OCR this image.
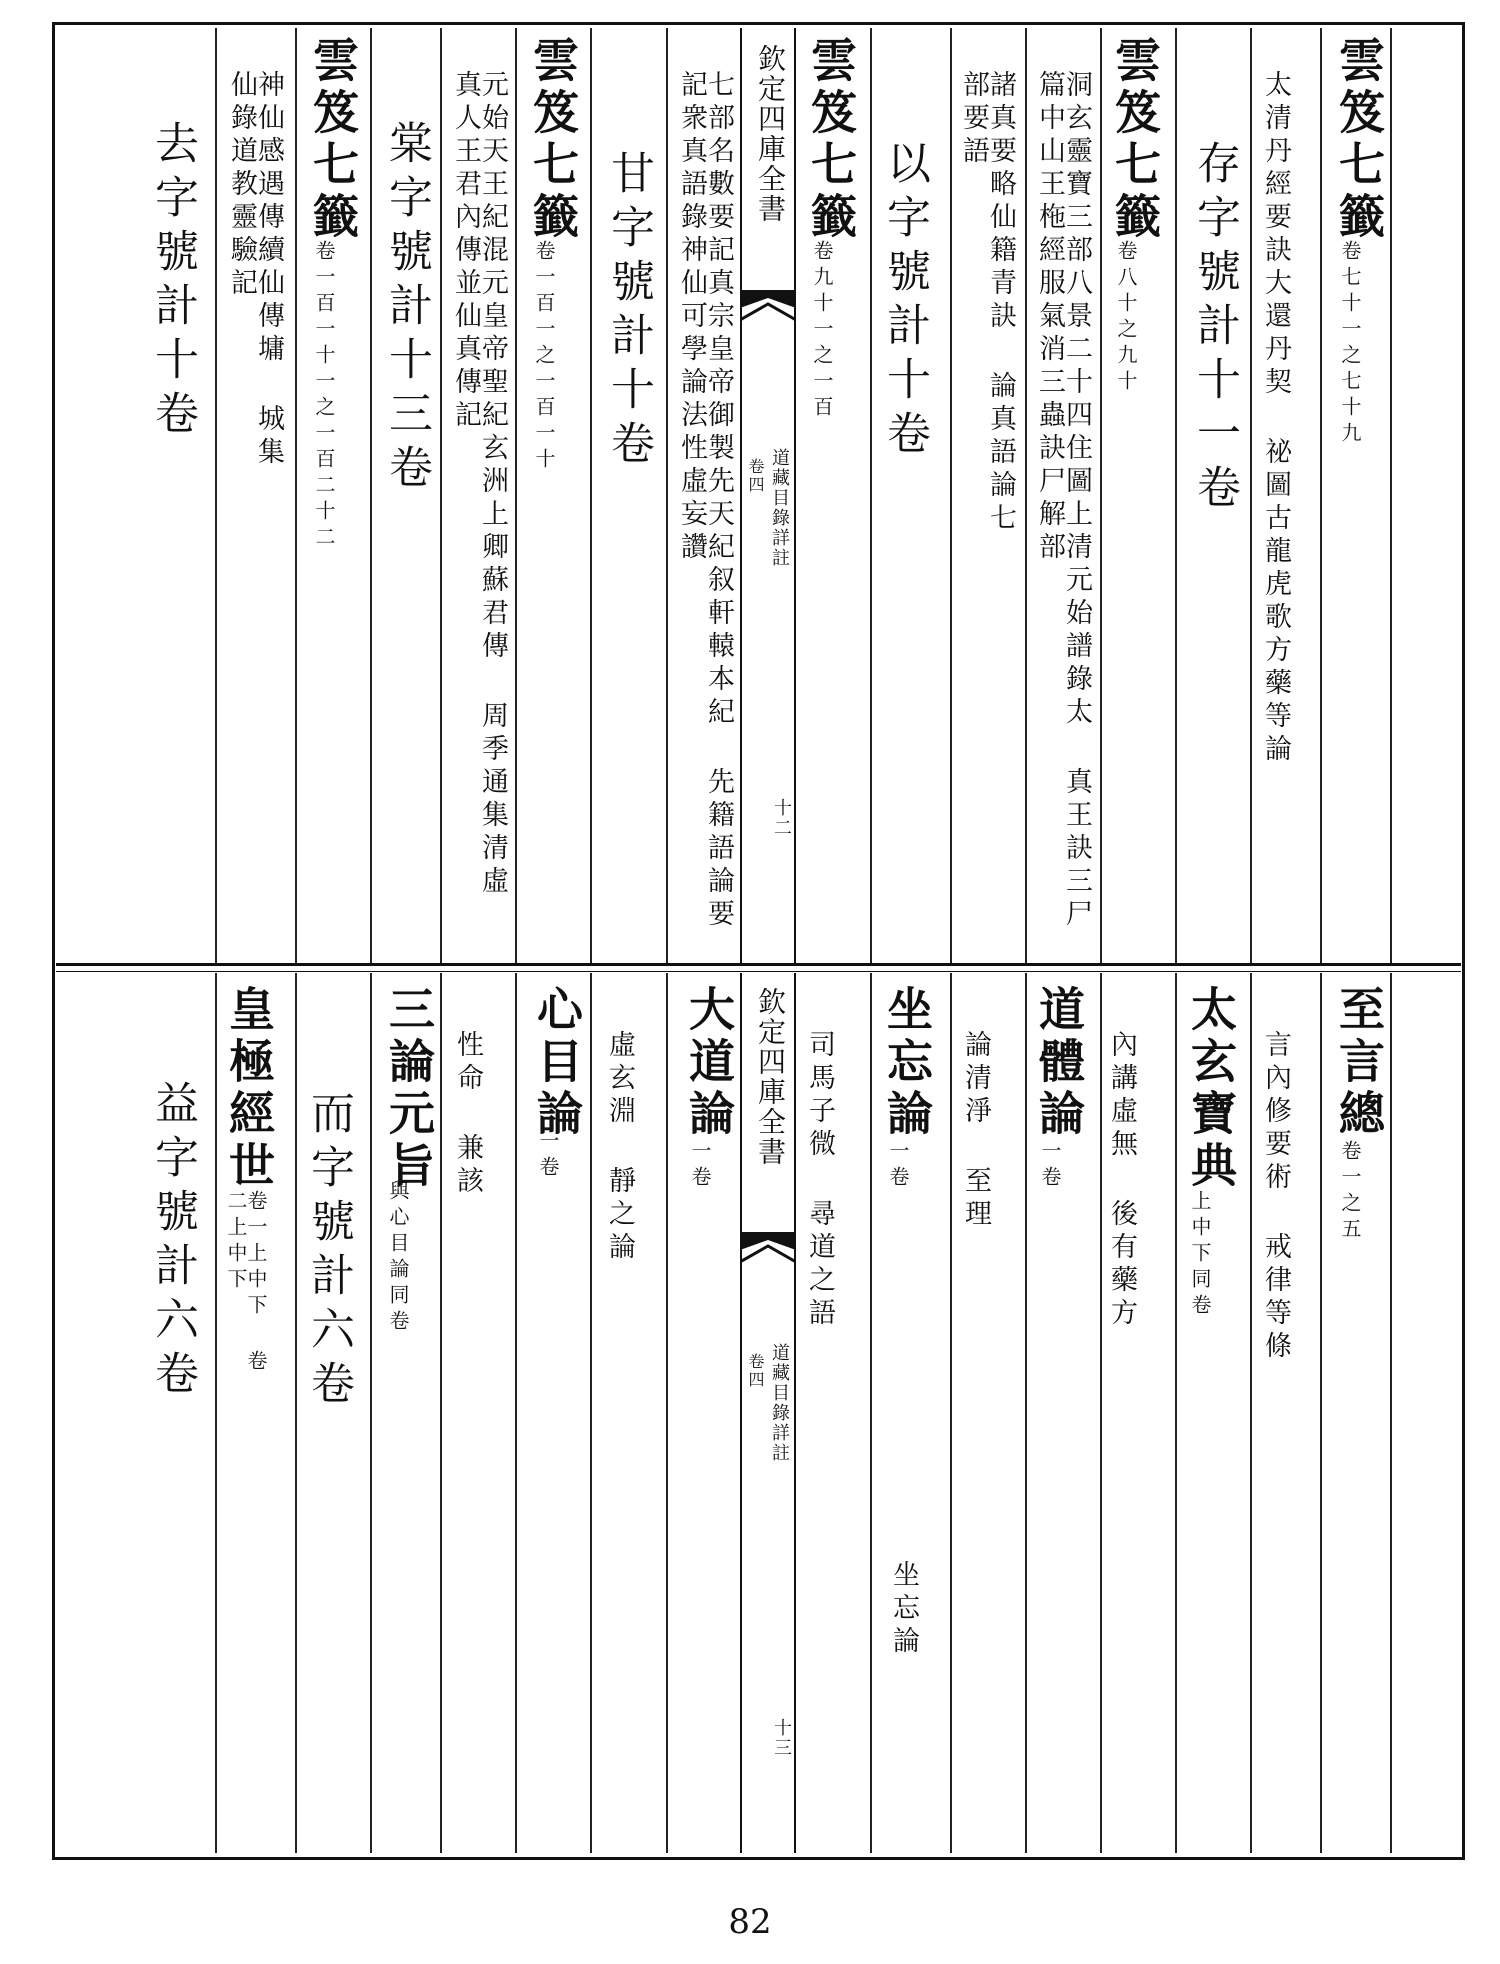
欽定四庫全書
道藏目錄詳註
卷四
十二
欽定四庫全書
道藏目錄詳註
卷四
十三
雲笈七籤
卷七十一之七十九
太清丹經要訣大還丹契 祕圖古龍虎歌方藥等論
存字號計十一卷
雲笈七籤
卷八十之九十
洞玄靈寶三部八景二十四住圖上清元始譜錄太 真王訣三尸篇中山王柂經服氣消三蟲訣尸解部
諸真要略仙籍青訣 論真語論七部要語
以字號計十卷
雲笈七籤
卷九十一之一百
七部名數要記真宗皇帝御製先天紀叙軒轅本紀 先籍語論要記衆真語錄神仙可學論法性虛妄讚
甘字號計十卷
雲笈七籤
卷一百一之一百一十
元始天王紀混元皇帝聖紀玄洲上卿蘇君傳 周季通集清虛真人王君內傳並仙真傳記
棠字號計十三卷
雲笈七籤
卷一百一十一之一百二十二
神仙感遇傳續仙傳墉 城集仙錄道教靈驗記
去字號計十卷
至言總
卷一之五
言內修要術 戒律等條
太玄寶典
上中下同卷
內講虛無 後有藥方
道體論
一卷
論清淨 至理
坐忘論
一卷
司馬子微 尋道之語
坐忘論
大道論
一卷
虛玄淵 靜之論
心目論
一卷
性命 兼該
三論元旨
與心目論同卷
而字號計六卷
皇極經世
卷一上中下 卷二上中下
益字號計六卷
82
